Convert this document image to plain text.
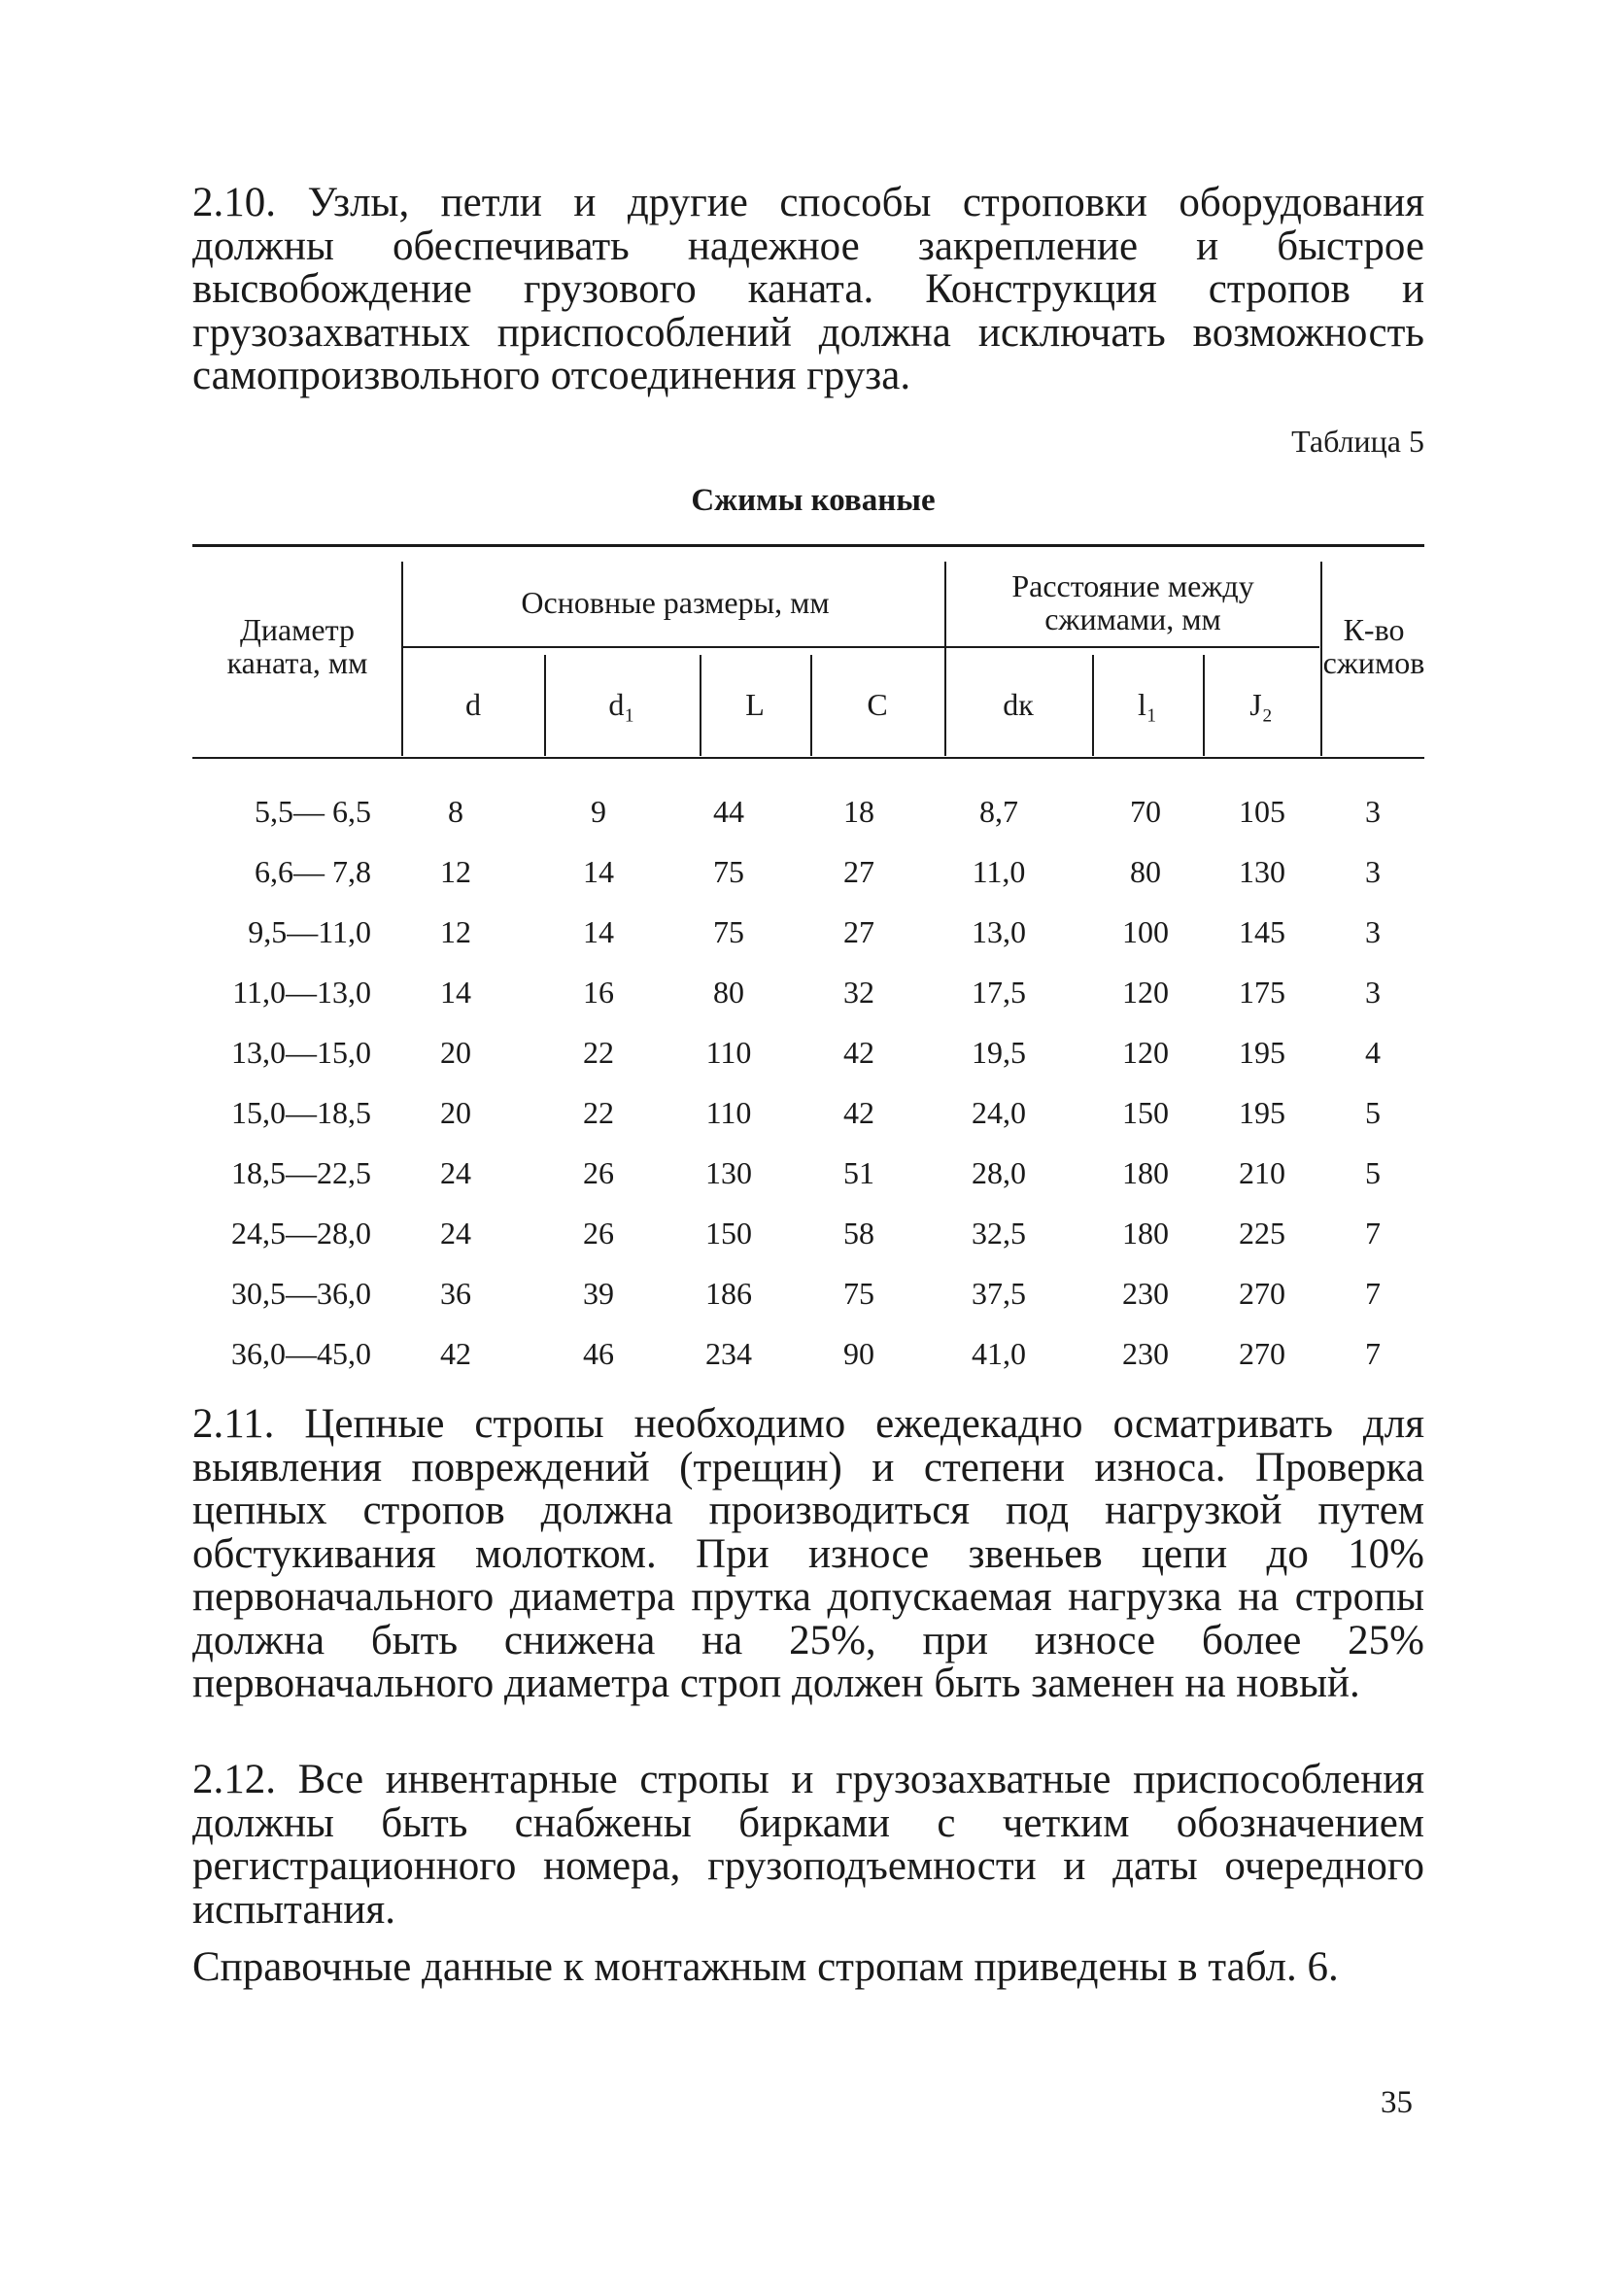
2.10. Узлы, петли и другие способы строповки оборудования должны обеспечивать надежное закрепление и быстрое высвобождение грузового каната. Конструкция стропов и грузозахватных приспособлений должна исключать возможность самопроизвольного отсоединения груза.

Таблица 5
Сжимы кованые
Диаметр каната, мм
Основные размеры, мм	Расстояние между сжимами, мм	К-во сжимов
d	d₁	L	C	dк	l₁	J₂
5,5— 6,5	8	9	44	18	8,7	70	105	3
6,6— 7,8	12	14	75	27	11,0	80	130	3
9,5—11,0	12	14	75	27	13,0	100	145	3
11,0—13,0	14	16	80	32	17,5	120	175	3
13,0—15,0	20	22	110	42	19,5	120	195	4
15,0—18,5	20	22	110	42	24,0	150	195	5
18,5—22,5	24	26	130	51	28,0	180	210	5
24,5—28,0	24	26	150	58	32,5	180	225	7
30,5—36,0	36	39	186	75	37,5	230	270	7
36,0—45,0	42	46	234	90	41,0	230	270	7

2.11. Цепные стропы необходимо ежедекадно осматривать для выявления повреждений (трещин) и степени износа. Проверка цепных стропов должна производиться под нагрузкой путем обстукивания молотком. При износе звеньев цепи до 10% первоначального диаметра прутка допускаемая нагрузка на стропы должна быть снижена на 25%, при износе более 25% первоначального диаметра строп должен быть заменен на новый.

2.12. Все инвентарные стропы и грузозахватные приспособления должны быть снабжены бирками с четким обозначением регистрационного номера, грузоподъемности и даты очередного испытания.

Справочные данные к монтажным стропам приведены в табл. 6.

35
